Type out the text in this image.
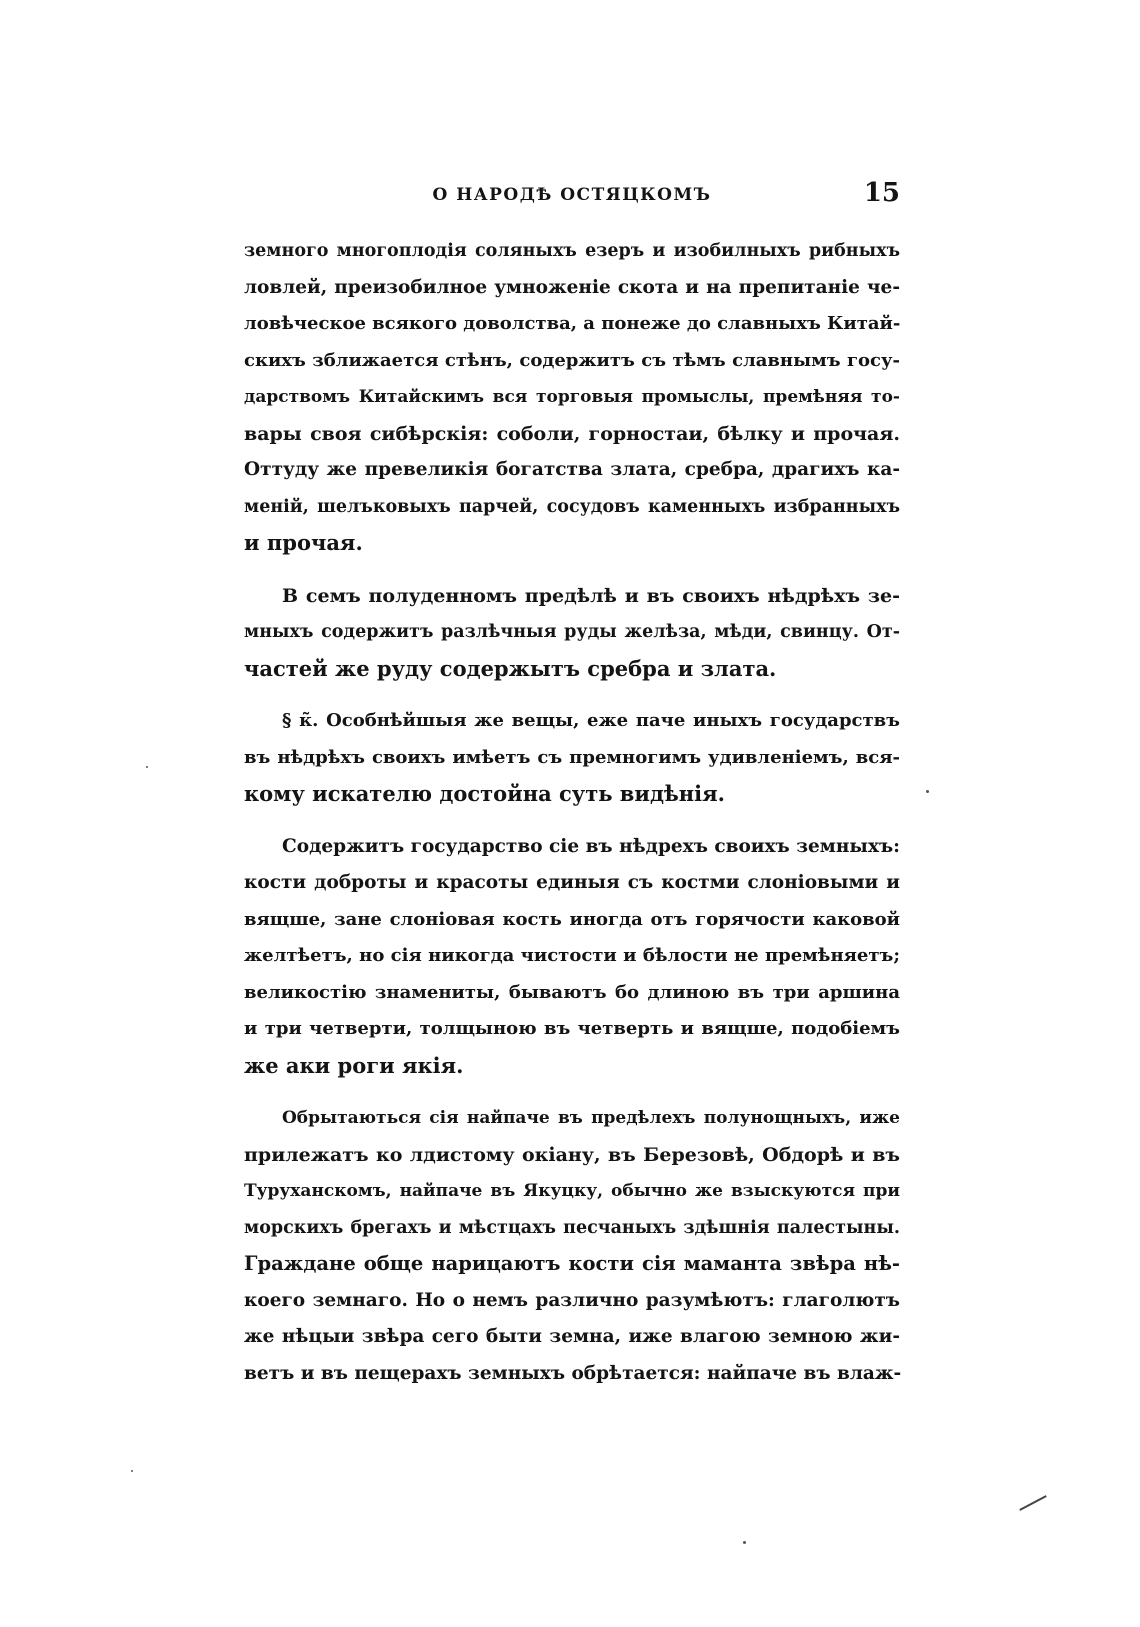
О НАРОДѢ ОСТЯЦКОМЪ	15

земного многоплодія соляныхъ езеръ и изобилныхъ рибныхъ
ловлей, преизобилное умноженіе скота и на препитаніе че-
ловѣческое всякого доволства, а понеже до славныхъ Китай-
скихъ зближается стѣнъ, содержитъ съ тѣмъ славнымъ госу-
дарствомъ Китайскимъ вся торговыя промыслы, премѣняя то-
вары своя сибѣрскія: соболи, горностаи, бѣлку и прочая.
Оттуду же превеликія богатства злата, сребра, драгихъ ка-
меній, шелъковыхъ парчей, сосудовъ каменныхъ избранныхъ
и прочая.

В семъ полуденномъ предѣлѣ и въ своихъ нѣдрѣхъ зе-
мныхъ содержитъ разлѣчныя руды желѣза, мѣди, свинцу. От-
частей же руду содержытъ сребра и злата.

§ к̃. Особнѣйшыя же вещы, еже паче иныхъ государствъ
въ нѣдрѣхъ своихъ имѣетъ съ премногимъ удивленіемъ, вся-
кому искателю достойна суть видѣнія.

Содержитъ государство сіе въ нѣдрехъ своихъ земныхъ:
кости доброты и красоты единыя съ костми слоніовыми и
вящше, зане слоніовая кость иногда отъ горячости каковой
желтѣетъ, но сія никогда чистости и бѣлости не премѣняетъ;
великостію знамениты, бываютъ бо длиною въ три аршина
и три четверти, толщыною въ четверть и вящше, подобіемъ
же аки роги якія.

Обрытаються сія найпаче въ предѣлехъ полунощныхъ, иже
прилежатъ ко лдистому окіану, въ Березовѣ, Обдорѣ и въ
Туруханскомъ, найпаче въ Якуцку, обычно же взыскуются при
морскихъ брегахъ и мѣстцахъ песчаныхъ здѣшнія палестыны.
Граждане обще нарицаютъ кости сія маманта звѣра нѣ-
коего земнаго. Но о немъ различно разумѣютъ: глаголютъ
же нѣцыи звѣра сего быти земна, иже влагою земною жи-
ветъ и въ пещерахъ земныхъ обрѣтается: найпаче въ влаж-
